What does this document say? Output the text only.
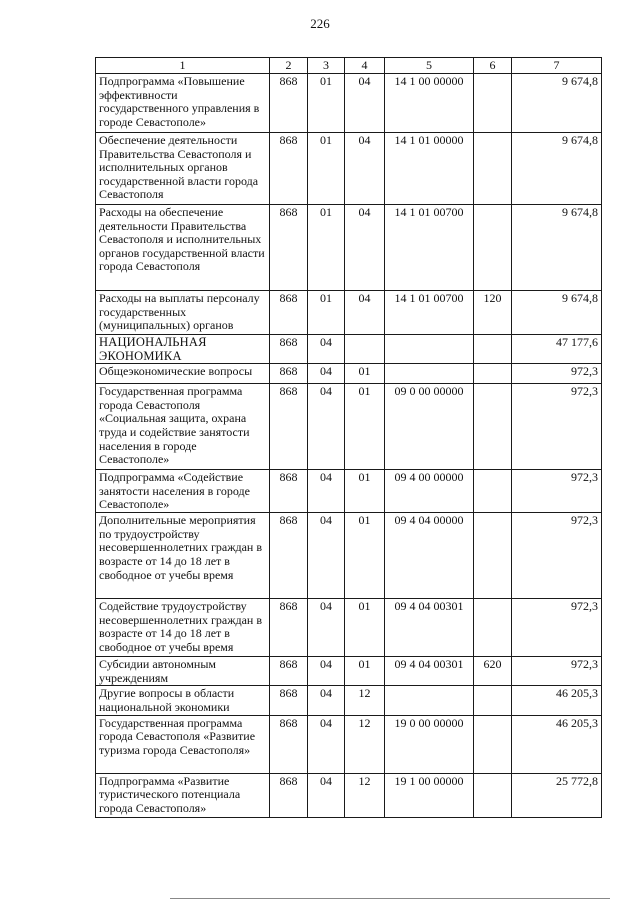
226
1	2	3	4	5	6	7
Подпрограмма «Повышение эффективности государственного управления в городе Севастополе»	868	01	04	14 1 00 00000		9 674,8
Обеспечение деятельности Правительства Севастополя и исполнительных органов государственной власти города Севастополя	868	01	04	14 1 01 00000		9 674,8
Расходы на обеспечение деятельности Правительства Севастополя и исполнительных органов государственной власти города Севастополя	868	01	04	14 1 01 00700		9 674,8
Расходы на выплаты персоналу государственных (муниципальных) органов	868	01	04	14 1 01 00700	120	9 674,8
НАЦИОНАЛЬНАЯ ЭКОНОМИКА	868	04				47 177,6
Общеэкономические вопросы	868	04	01			972,3
Государственная программа города Севастополя «Социальная защита, охрана труда и содействие занятости населения в городе Севастополе»	868	04	01	09 0 00 00000		972,3
Подпрограмма «Содействие занятости населения в городе Севастополе»	868	04	01	09 4 00 00000		972,3
Дополнительные мероприятия по трудоустройству несовершеннолетних граждан в возрасте от 14 до 18 лет в свободное от учебы время	868	04	01	09 4 04 00000		972,3
Содействие трудоустройству несовершеннолетних граждан в возрасте от 14 до 18 лет в свободное от учебы время	868	04	01	09 4 04 00301		972,3
Субсидии автономным учреждениям	868	04	01	09 4 04 00301	620	972,3
Другие вопросы в области национальной экономики	868	04	12			46 205,3
Государственная программа города Севастополя «Развитие туризма города Севастополя»	868	04	12	19 0 00 00000		46 205,3
Подпрограмма «Развитие туристического потенциала города Севастополя»	868	04	12	19 1 00 00000		25 772,8
